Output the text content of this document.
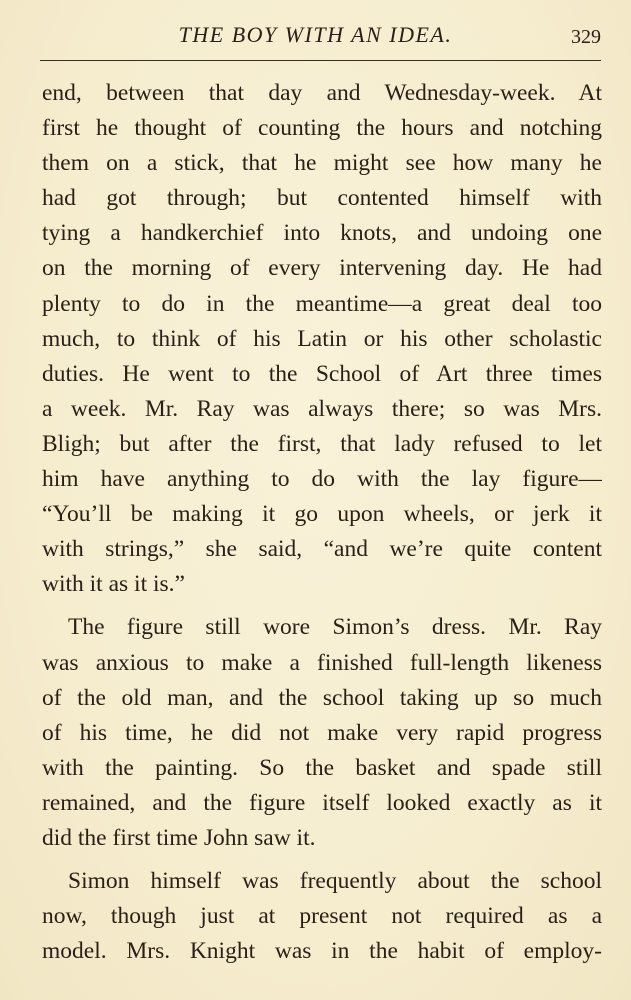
THE BOY WITH AN IDEA.	329
end, between that day and Wednesday-week. At
first he thought of counting the hours and notching
them on a stick, that he might see how many he
had got through; but contented himself with
tying a handkerchief into knots, and undoing one
on the morning of every intervening day. He had
plenty to do in the meantime—a great deal too
much, to think of his Latin or his other scholastic
duties. He went to the School of Art three times
a week. Mr. Ray was always there; so was Mrs.
Bligh; but after the first, that lady refused to let
him have anything to do with the lay figure—
“You’ll be making it go upon wheels, or jerk it
with strings,” she said, “and we’re quite content
with it as it is.”
The figure still wore Simon’s dress. Mr. Ray
was anxious to make a finished full-length likeness
of the old man, and the school taking up so much
of his time, he did not make very rapid progress
with the painting. So the basket and spade still
remained, and the figure itself looked exactly as it
did the first time John saw it.
Simon himself was frequently about the school
now, though just at present not required as a
model. Mrs. Knight was in the habit of employ-
